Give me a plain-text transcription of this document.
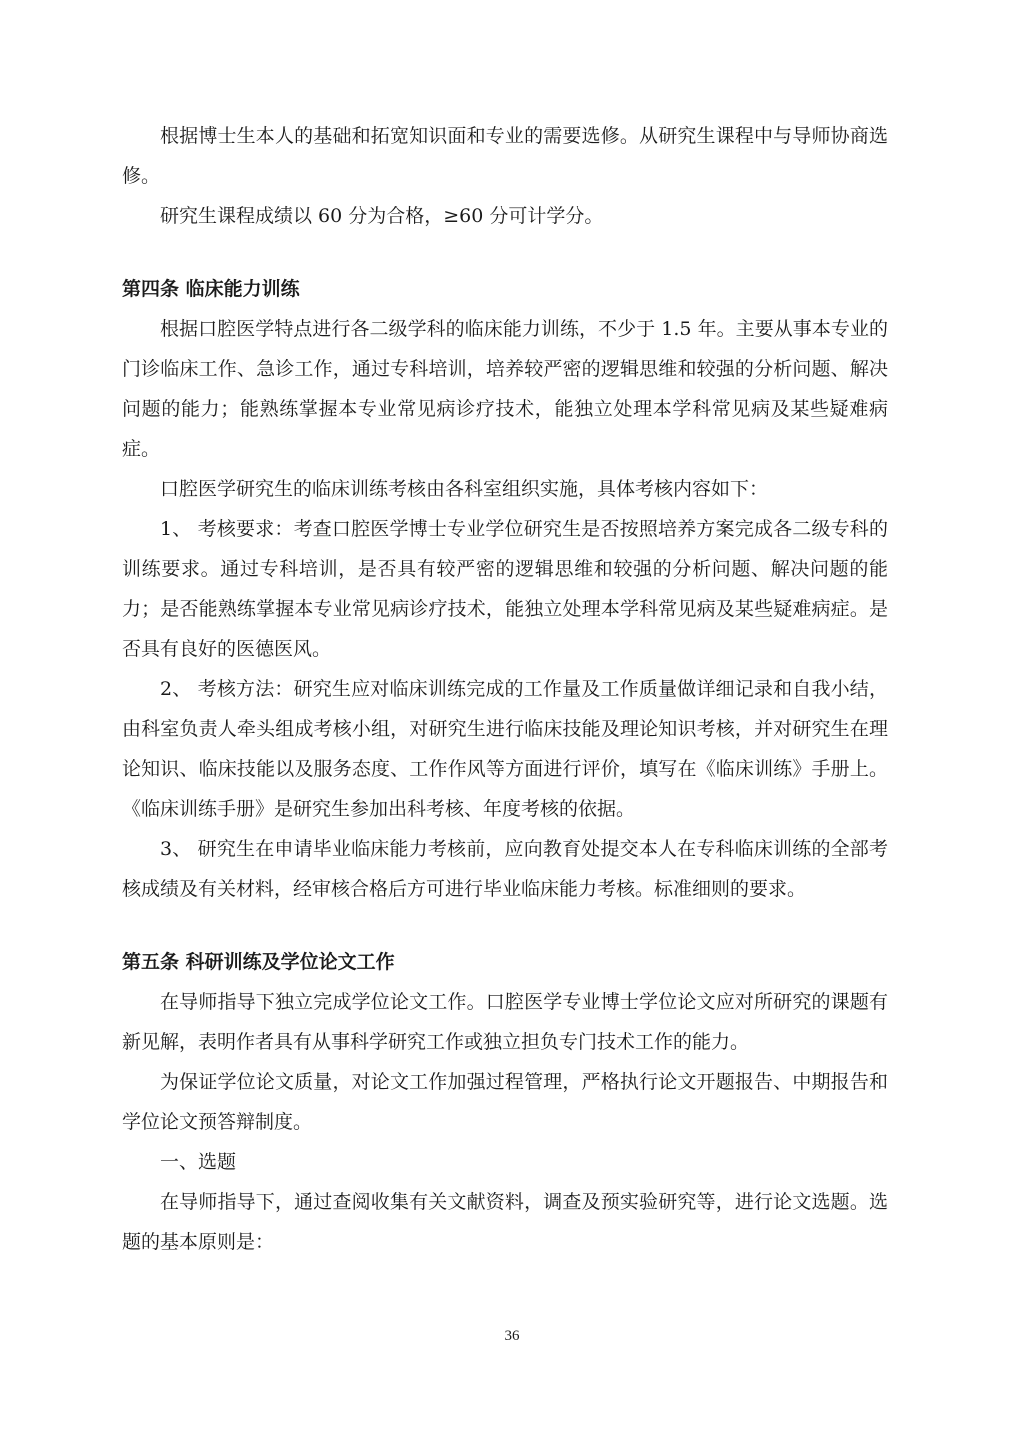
根据博士生本人的基础和拓宽知识面和专业的需要选修。从研究生课程中与导师协商选修。

研究生课程成绩以 60 分为合格，≥60 分可计学分。

第四条 临床能力训练

根据口腔医学特点进行各二级学科的临床能力训练，不少于 1.5 年。主要从事本专业的门诊临床工作、急诊工作，通过专科培训，培养较严密的逻辑思维和较强的分析问题、解决问题的能力；能熟练掌握本专业常见病诊疗技术，能独立处理本学科常见病及某些疑难病症。

口腔医学研究生的临床训练考核由各科室组织实施，具体考核内容如下：

1、 考核要求：考查口腔医学博士专业学位研究生是否按照培养方案完成各二级专科的训练要求。通过专科培训，是否具有较严密的逻辑思维和较强的分析问题、解决问题的能力；是否能熟练掌握本专业常见病诊疗技术，能独立处理本学科常见病及某些疑难病症。是否具有良好的医德医风。

2、 考核方法：研究生应对临床训练完成的工作量及工作质量做详细记录和自我小结，由科室负责人牵头组成考核小组，对研究生进行临床技能及理论知识考核，并对研究生在理论知识、临床技能以及服务态度、工作作风等方面进行评价，填写在《临床训练》手册上。《临床训练手册》是研究生参加出科考核、年度考核的依据。

3、 研究生在申请毕业临床能力考核前，应向教育处提交本人在专科临床训练的全部考核成绩及有关材料，经审核合格后方可进行毕业临床能力考核。标准细则的要求。

第五条 科研训练及学位论文工作

在导师指导下独立完成学位论文工作。口腔医学专业博士学位论文应对所研究的课题有新见解，表明作者具有从事科学研究工作或独立担负专门技术工作的能力。

为保证学位论文质量，对论文工作加强过程管理，严格执行论文开题报告、中期报告和学位论文预答辩制度。

一、选题

在导师指导下，通过查阅收集有关文献资料，调查及预实验研究等，进行论文选题。选题的基本原则是：

36
